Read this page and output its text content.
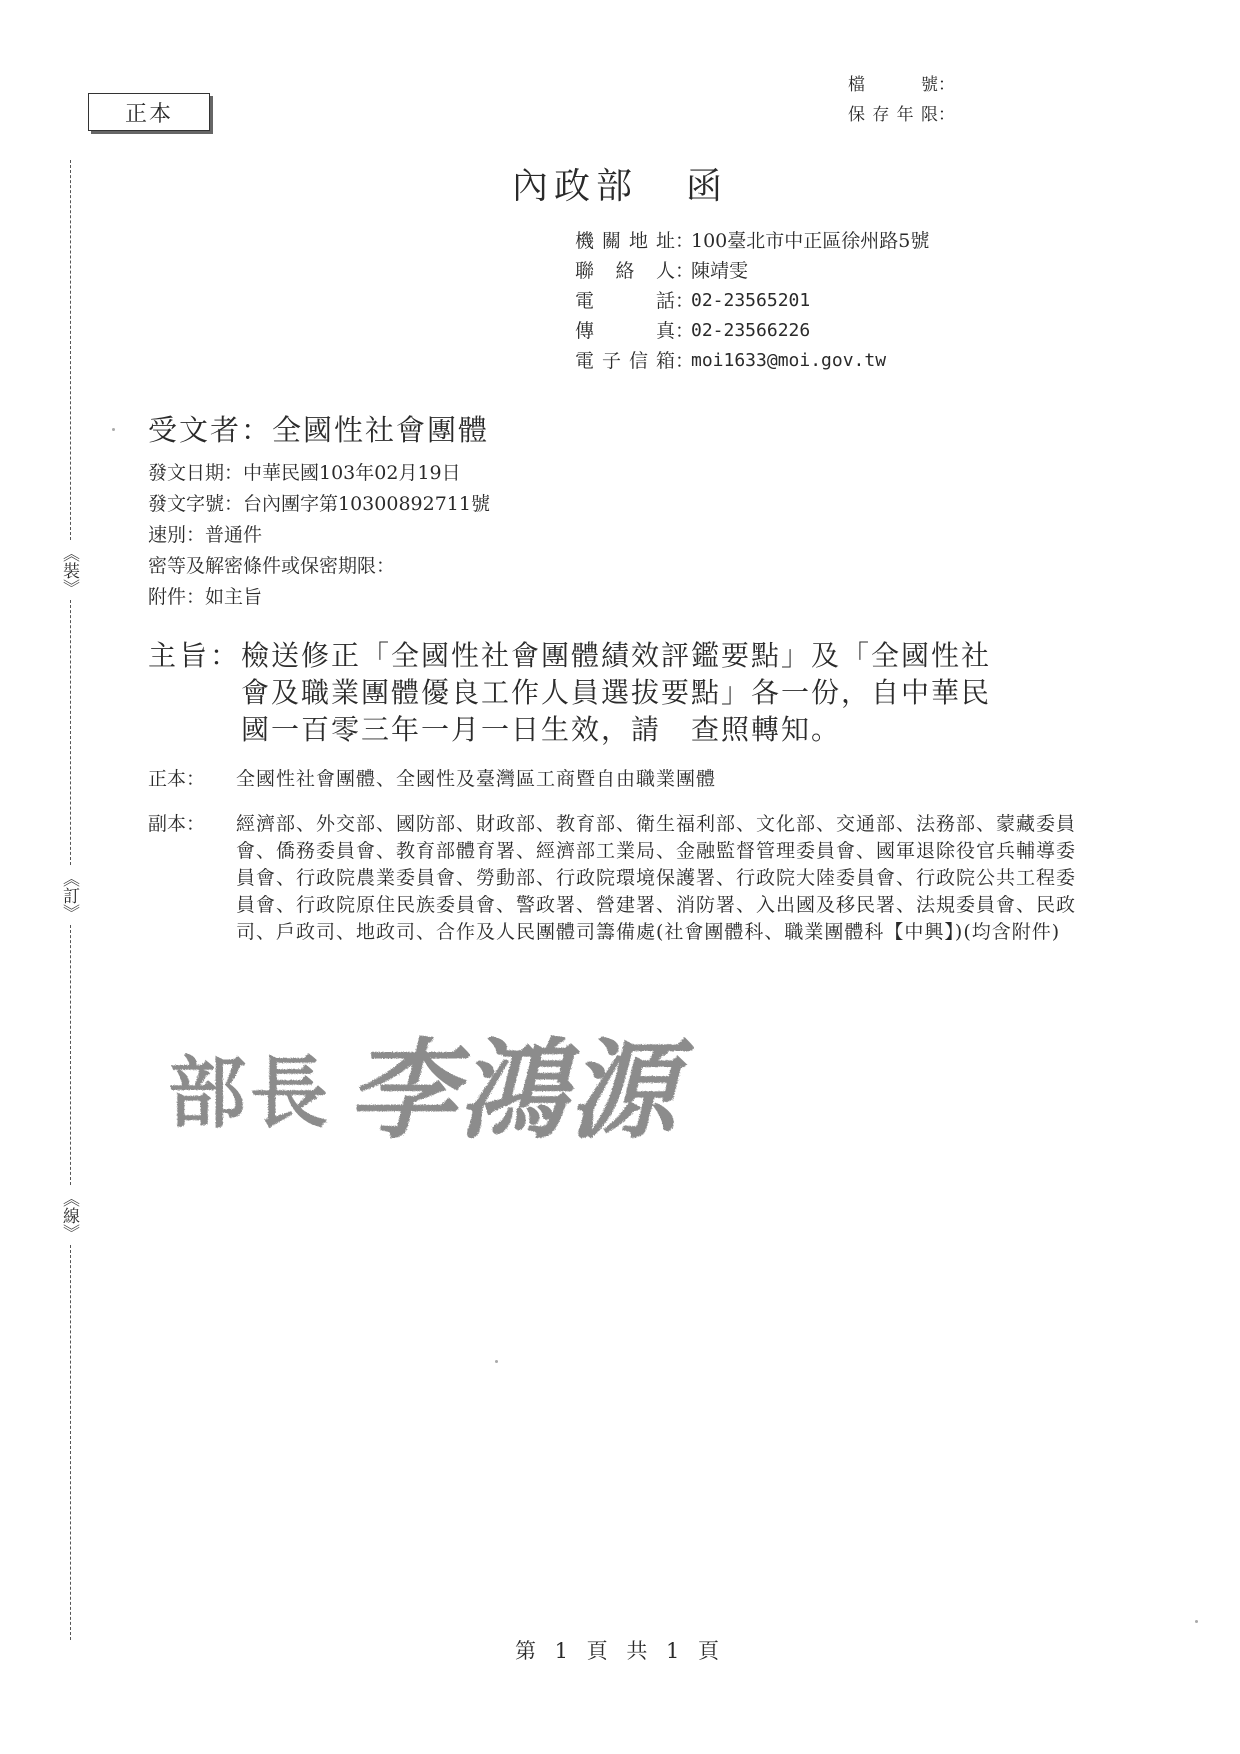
正本
檔　　號 ：
保存年限 ：
內政部 函
機關地址 ：
100臺北市中正區徐州路5號
聯 絡 人 ：
陳靖雯
電　　話 ：
02-23565201
傳　　真 ：
02-23566226
電子信箱 ：
moi1633@moi.gov.tw
受文者：全國性社會團體
發文日期：中華民國103年02月19日
發文字號：台內團字第10300892711號
速別：普通件
密等及解密條件或保密期限：
附件：如主旨
主旨： 檢送修正「全國性社會團體績效評鑑要點」及「全國性社
會及職業團體優良工作人員選拔要點」各一份，自中華民
國一百零三年一月一日生效，請　查照轉知。
正本：	全國性社會團體、全國性及臺灣區工商暨自由職業團體
副本：	經濟部、外交部、國防部、財政部、教育部、衛生福利部、文化部、交通部、法務部、蒙藏委員會、僑務委員會、教育部體育署、經濟部工業局、金融監督管理委員會、國軍退除役官兵輔導委員會、行政院農業委員會、勞動部、行政院環境保護署、行政院大陸委員會、行政院公共工程委員會、行政院原住民族委員會、警政署、營建署、消防署、入出國及移民署、法規委員會、民政司、戶政司、地政司、合作及人民團體司籌備處(社會團體科、職業團體科【中興】)(均含附件)
部長 李鴻源
《裝》
《訂》
《線》
第 1 頁 共 1 頁
